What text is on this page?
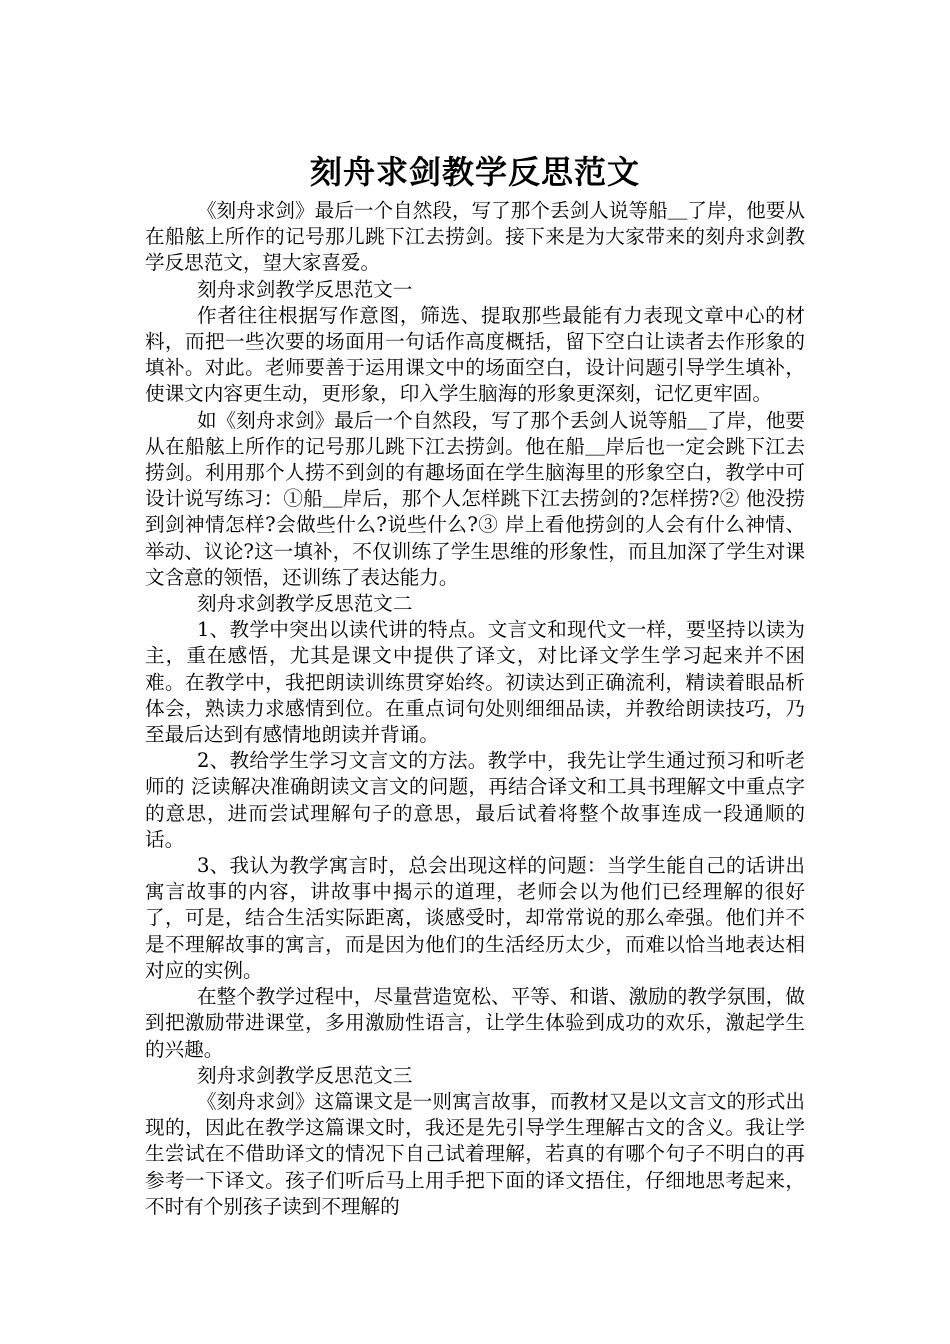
刻舟求剑教学反思范文

《刻舟求剑》最后一个自然段，写了那个丢剑人说等船＿了岸，他要从在船舷上所作的记号那儿跳下江去捞剑。接下来是为大家带来的刻舟求剑教学反思范文，望大家喜爱。

刻舟求剑教学反思范文一

作者往往根据写作意图，筛选、提取那些最能有力表现文章中心的材料，而把一些次要的场面用一句话作高度概括，留下空白让读者去作形象的填补。对此。老师要善于运用课文中的场面空白，设计问题引导学生填补，使课文内容更生动，更形象，印入学生脑海的形象更深刻，记忆更牢固。

如《刻舟求剑》最后一个自然段，写了那个丢剑人说等船＿了岸，他要从在船舷上所作的记号那儿跳下江去捞剑。他在船＿岸后也一定会跳下江去捞剑。利用那个人捞不到剑的有趣场面在学生脑海里的形象空白，教学中可设计说写练习：①船＿岸后，那个人怎样跳下江去捞剑的?怎样捞?② 他没捞到剑神情怎样?会做些什么?说些什么?③ 岸上看他捞剑的人会有什么神情、举动、议论?这一填补，不仅训练了学生思维的形象性，而且加深了学生对课文含意的领悟，还训练了表达能力。

刻舟求剑教学反思范文二

1、教学中突出以读代讲的特点。文言文和现代文一样，要坚持以读为主，重在感悟，尤其是课文中提供了译文，对比译文学生学习起来并不困难。在教学中，我把朗读训练贯穿始终。初读达到正确流利，精读着眼品析体会，熟读力求感情到位。在重点词句处则细细品读，并教给朗读技巧，乃至最后达到有感情地朗读并背诵。

2、教给学生学习文言文的方法。教学中，我先让学生通过预习和听老师的 泛读解决准确朗读文言文的问题，再结合译文和工具书理解文中重点字的意思，进而尝试理解句子的意思，最后试着将整个故事连成一段通顺的话。

3、我认为教学寓言时，总会出现这样的问题：当学生能自己的话讲出寓言故事的内容，讲故事中揭示的道理，老师会以为他们已经理解的很好了，可是，结合生活实际距离，谈感受时，却常常说的那么牵强。他们并不是不理解故事的寓言，而是因为他们的生活经历太少，而难以恰当地表达相对应的实例。

在整个教学过程中，尽量营造宽松、平等、和谐、激励的教学氛围，做到把激励带进课堂，多用激励性语言，让学生体验到成功的欢乐，激起学生的兴趣。

刻舟求剑教学反思范文三

《刻舟求剑》这篇课文是一则寓言故事，而教材又是以文言文的形式出现的，因此在教学这篇课文时，我还是先引导学生理解古文的含义。我让学生尝试在不借助译文的情况下自己试着理解，若真的有哪个句子不明白的再参考一下译文。孩子们听后马上用手把下面的译文捂住，仔细地思考起来，不时有个别孩子读到不理解的
